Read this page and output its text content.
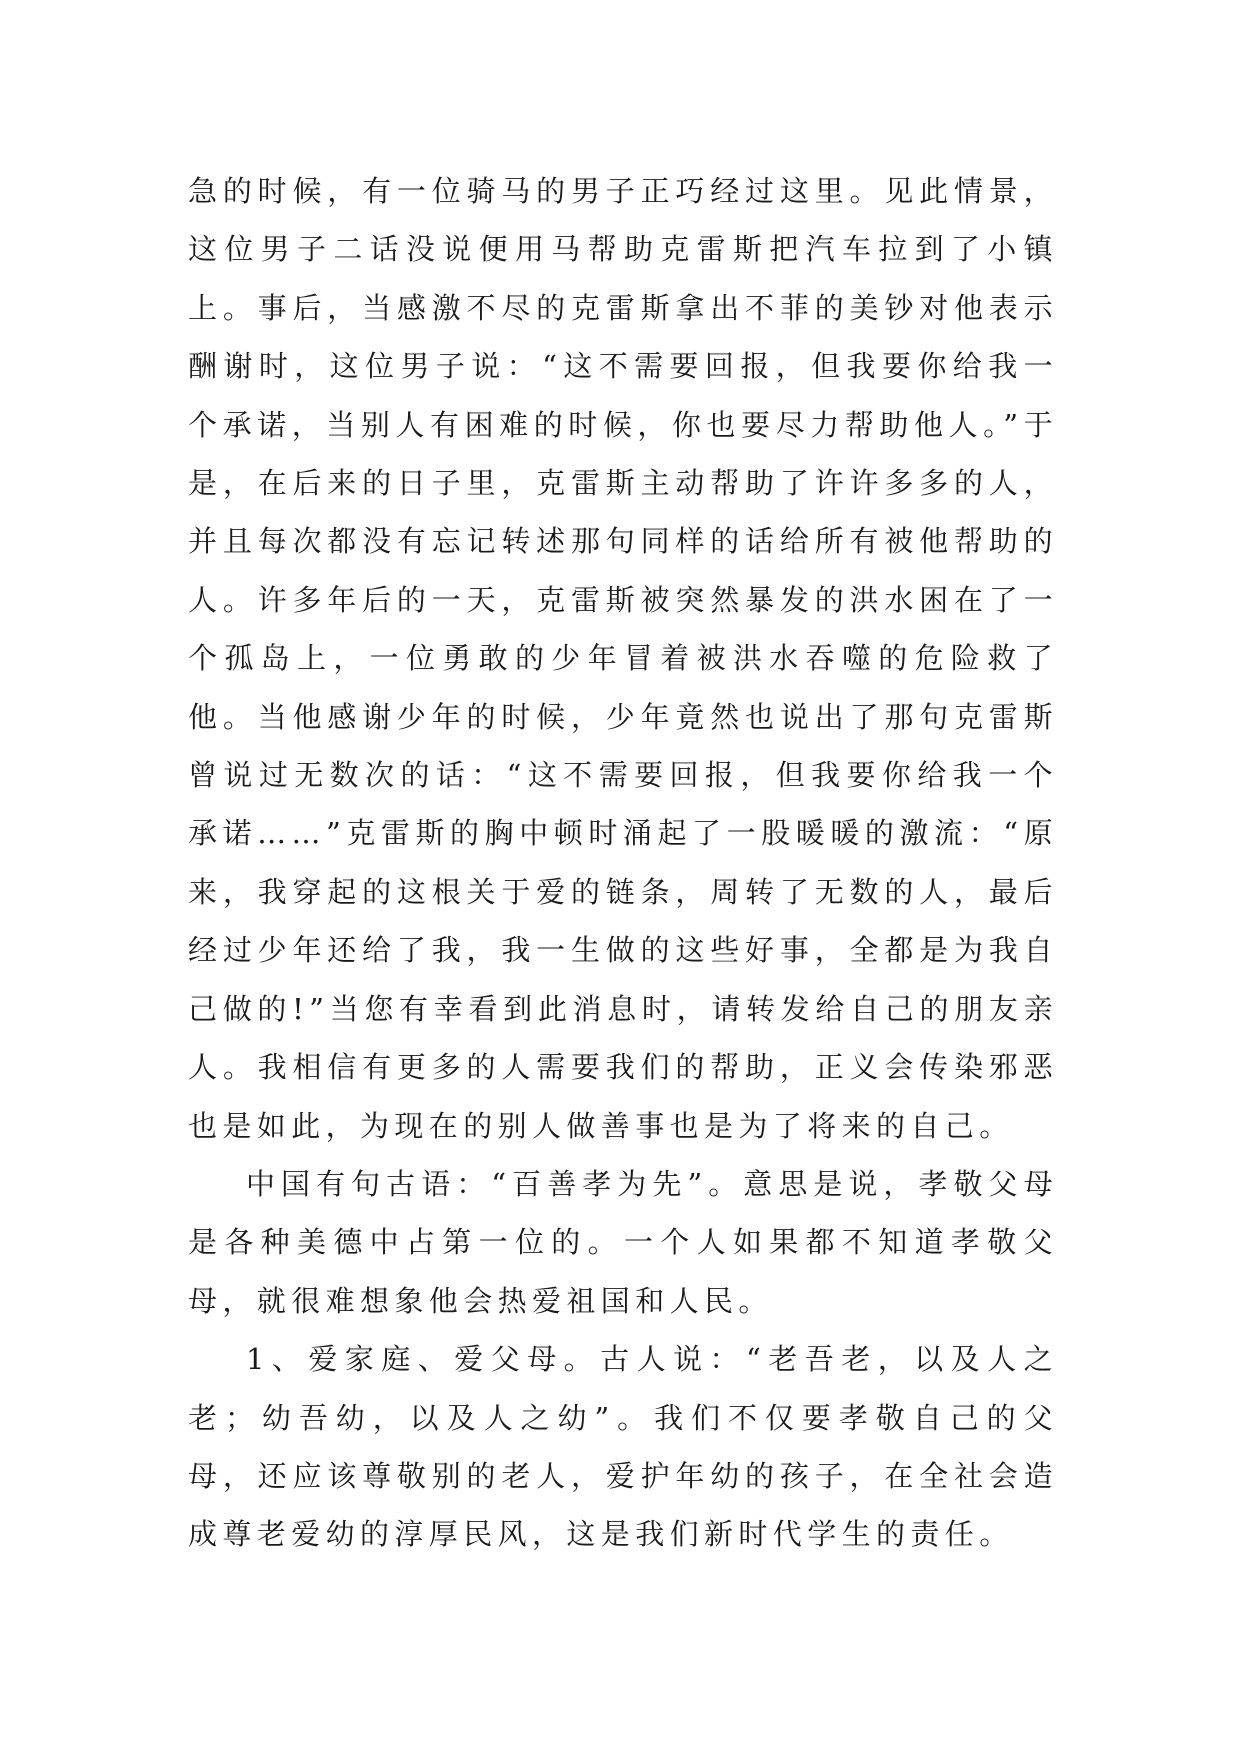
急的时候，有一位骑马的男子正巧经过这里。见此情景，这位男子二话没说便用马帮助克雷斯把汽车拉到了小镇上。事后，当感激不尽的克雷斯拿出不菲的美钞对他表示酬谢时，这位男子说：“这不需要回报，但我要你给我一个承诺，当别人有困难的时候，你也要尽力帮助他人。”于是，在后来的日子里，克雷斯主动帮助了许许多多的人，并且每次都没有忘记转述那句同样的话给所有被他帮助的人。许多年后的一天，克雷斯被突然暴发的洪水困在了一个孤岛上，一位勇敢的少年冒着被洪水吞噬的危险救了他。当他感谢少年的时候，少年竟然也说出了那句克雷斯曾说过无数次的话：“这不需要回报，但我要你给我一个承诺……”克雷斯的胸中顿时涌起了一股暖暖的激流：“原来，我穿起的这根关于爱的链条，周转了无数的人，最后经过少年还给了我，我一生做的这些好事，全都是为我自己做的!”当您有幸看到此消息时，请转发给自己的朋友亲人。我相信有更多的人需要我们的帮助，正义会传染邪恶也是如此，为现在的别人做善事也是为了将来的自己。

中国有句古语：“百善孝为先”。意思是说，孝敬父母是各种美德中占第一位的。一个人如果都不知道孝敬父母，就很难想象他会热爱祖国和人民。

1、爱家庭、爱父母。古人说：“老吾老，以及人之老；幼吾幼，以及人之幼”。我们不仅要孝敬自己的父母，还应该尊敬别的老人，爱护年幼的孩子，在全社会造成尊老爱幼的淳厚民风，这是我们新时代学生的责任。
